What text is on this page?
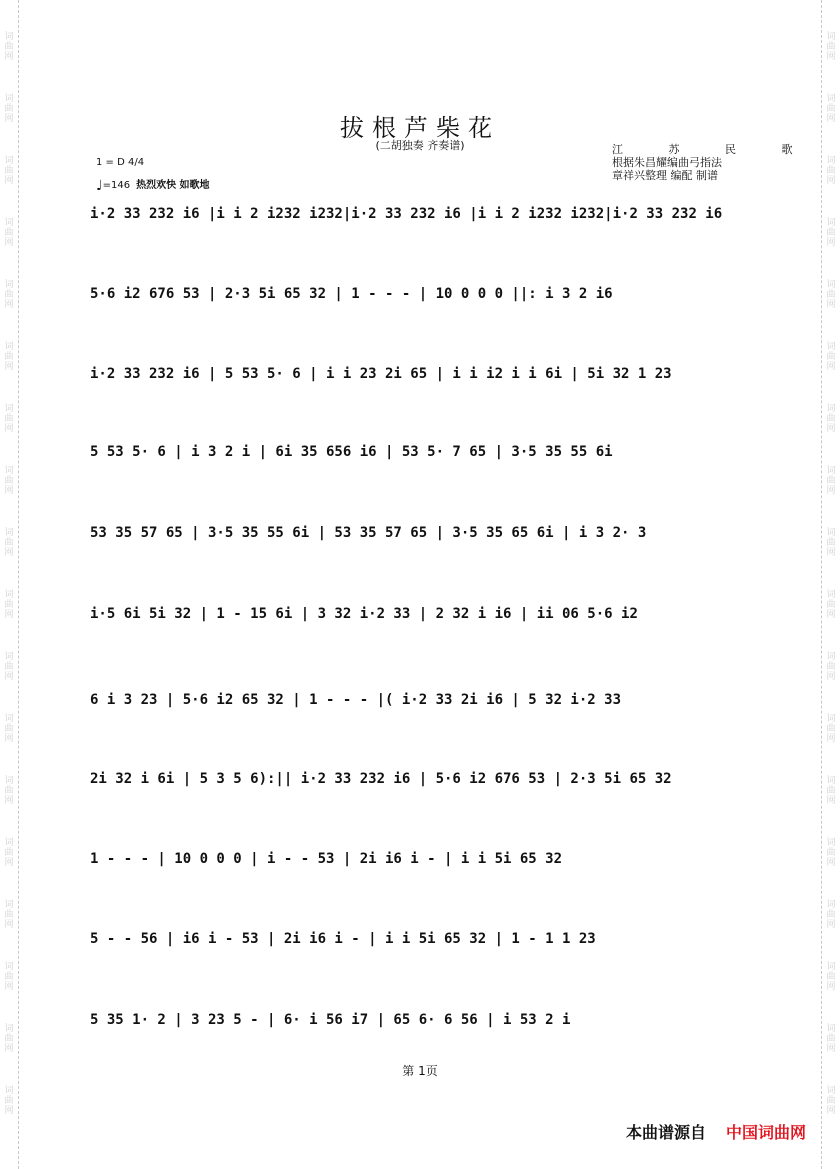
词曲网
词曲网
词曲网
词曲网
词曲网
词曲网
词曲网
词曲网
词曲网
词曲网
词曲网
词曲网
词曲网
词曲网
词曲网
词曲网
词曲网
词曲网
词曲网
词曲网
词曲网
词曲网
词曲网
词曲网
词曲网
词曲网
词曲网
词曲网
词曲网
词曲网
词曲网
词曲网
词曲网
词曲网
词曲网
词曲网
拔根芦柴花
(二胡独奏 齐奏谱)	江 苏 民 歌
根据朱昌耀编曲弓指法
章祥兴整理 编配 制谱
1 = D 4/4
♩=146 热烈欢快 如歌地
i·2 33 232 i6 |i i 2 i232 i232|i·2 33 232 i6 |i i 2 i232 i232|i·2 33 232 i6
5·6 i2 676 53 | 2·3 5i 65 32 | 1 - - - | 10 0 0 0 ||: i 3 2 i6
i·2 33 232 i6 | 5 53 5· 6 | i i 23 2i 65 | i i i2 i i 6i | 5i 32 1 23
5 53 5· 6 | i 3 2 i | 6i 35 656 i6 | 53 5· 7 65 | 3·5 35 55 6i
53 35 57 65 | 3·5 35 55 6i | 53 35 57 65 | 3·5 35 65 6i | i 3 2· 3
i·5 6i 5i 32 | 1 - 15 6i | 3 32 i·2 33 | 2 32 i i6 | ii 06 5·6 i2
6 i 3 23 | 5·6 i2 65 32 | 1 - - - |( i·2 33 2i i6 | 5 32 i·2 33
2i 32 i 6i | 5 3 5 6):|| i·2 33 232 i6 | 5·6 i2 676 53 | 2·3 5i 65 32
1 - - - | 10 0 0 0 | i - - 53 | 2i i6 i - | i i 5i 65 32
5 - - 56 | i6 i - 53 | 2i i6 i - | i i 5i 65 32 | 1 - 1 1 23
5 35 1· 2 | 3 23 5 - | 6· i 56 i7 | 65 6· 6 56 | i 53 2 i
第 1页
本曲谱源自 中国词曲网
